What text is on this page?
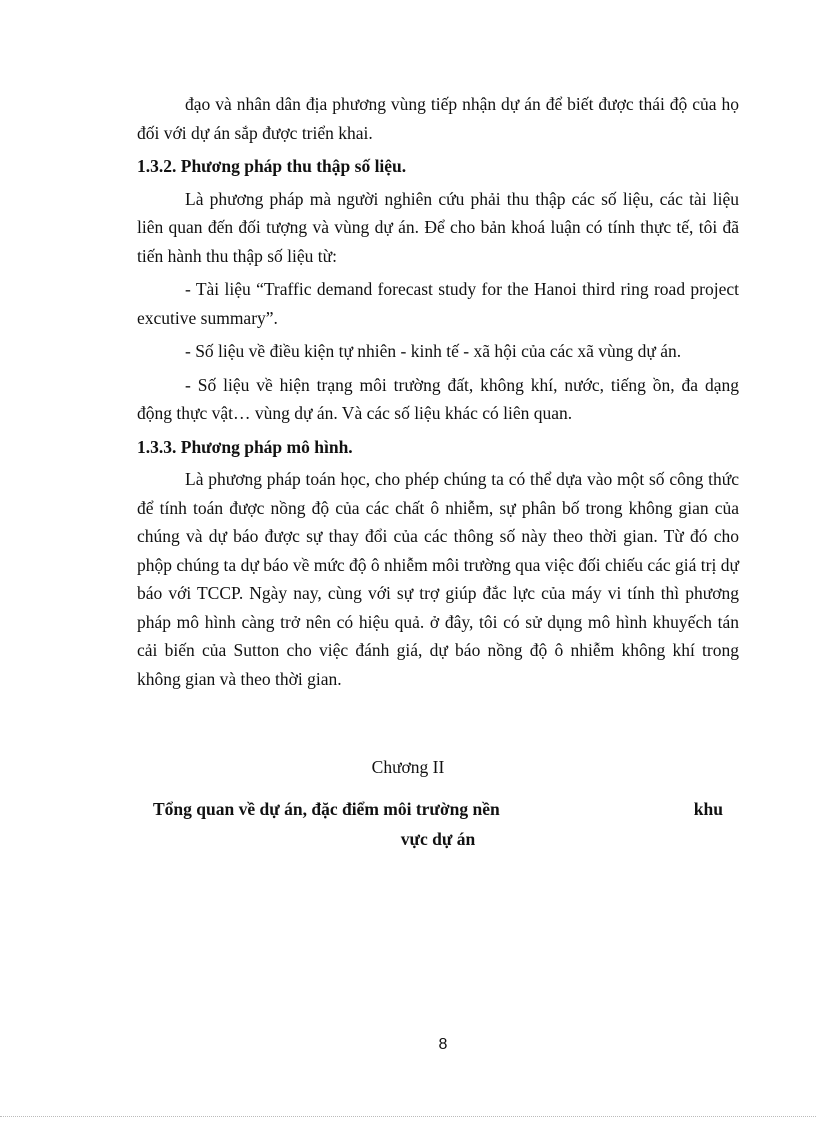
đạo và nhân dân địa phương vùng tiếp nhận dự án để biết được thái độ của họ đối với dự án sắp được triển khai.

1.3.2. Phương pháp thu thập số liệu.

Là phương pháp mà người nghiên cứu phải thu thập các số liệu, các tài liệu liên quan đến đối tượng và vùng dự án. Để cho bản khoá luận có tính thực tế, tôi đã tiến hành thu thập số liệu từ:

- Tài liệu “Traffic demand forecast study for the Hanoi third ring road project excutive summary”.

- Số liệu về điều kiện tự nhiên - kinh tế - xã hội của các xã vùng dự án.

- Số liệu về hiện trạng môi trường đất, không khí, nước, tiếng ồn, đa dạng động thực vật… vùng dự án. Và các số liệu khác có liên quan.

1.3.3. Phương pháp mô hình.

Là phương pháp toán học, cho phép chúng ta có thể dựa vào một số công thức để tính toán được nồng độ của các chất ô nhiễm, sự phân bố trong không gian của chúng và dự báo được sự thay đổi của các thông số này theo thời gian. Từ đó cho phộp chúng ta dự báo về mức độ ô nhiễm môi trường qua việc đối chiếu các giá trị dự báo với TCCP. Ngày nay, cùng với sự trợ giúp đắc lực của máy vi tính thì phương pháp mô hình càng trở nên có hiệu quả. ở đây, tôi có sử dụng mô hình khuyếch tán cải biến của Sutton cho việc đánh giá, dự báo nồng độ ô nhiễm không khí trong không gian và theo thời gian.

Chương II
Tổng quan về dự án, đặc điểm môi trường nền	khu
vực dự án
8
